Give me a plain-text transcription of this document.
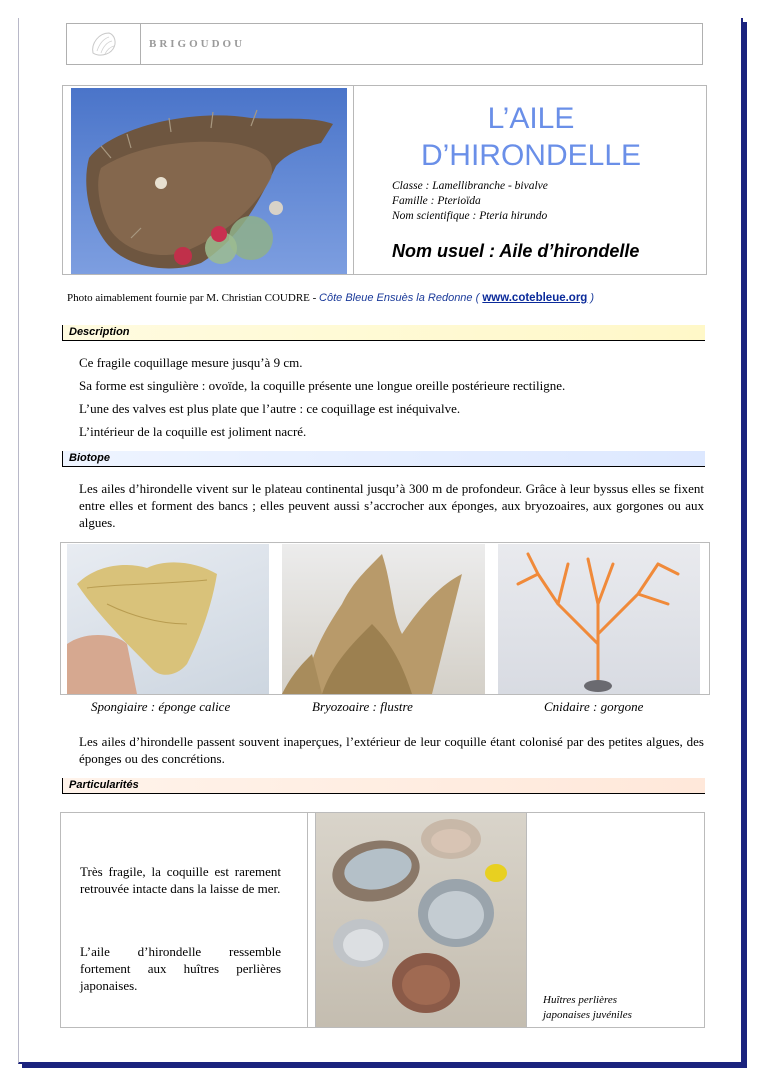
BRIGOUDOU
L’AILE
D’HIRONDELLE
Classe : Lamellibranche - bivalve
Famille : Pterioïda
Nom scientifique : Pteria hirundo
Nom usuel : Aile d’hirondelle
Photo aimablement fournie par M. Christian COUDRE - Côte Bleue Ensuès la Redonne ( www.cotebleue.org )
Description
Ce fragile coquillage mesure jusqu’à 9 cm.
Sa forme est singulière : ovoïde, la coquille présente une longue oreille postérieure rectiligne.
L’une des valves est plus plate que l’autre : ce coquillage est inéquivalve.
L’intérieur de la coquille est joliment nacré.
Biotope
Les ailes d’hirondelle vivent sur le plateau continental jusqu’à 300 m de profondeur. Grâce à leur byssus elles se fixent entre elles et forment des bancs ; elles peuvent aussi s’accrocher aux éponges, aux bryozoaires, aux gorgones ou aux algues.
Spongiaire : éponge calice	Bryozoaire : flustre	Cnidaire : gorgone
Les ailes d’hirondelle passent souvent inaperçues, l’extérieur de leur coquille étant colonisé par des petites algues, des éponges ou des concrétions.
Particularités
Très fragile, la coquille est rarement retrouvée intacte dans la laisse de mer.
L’aile d’hirondelle ressemble fortement aux huîtres perlières japonaises.
Huîtres perlières
japonaises juvéniles
